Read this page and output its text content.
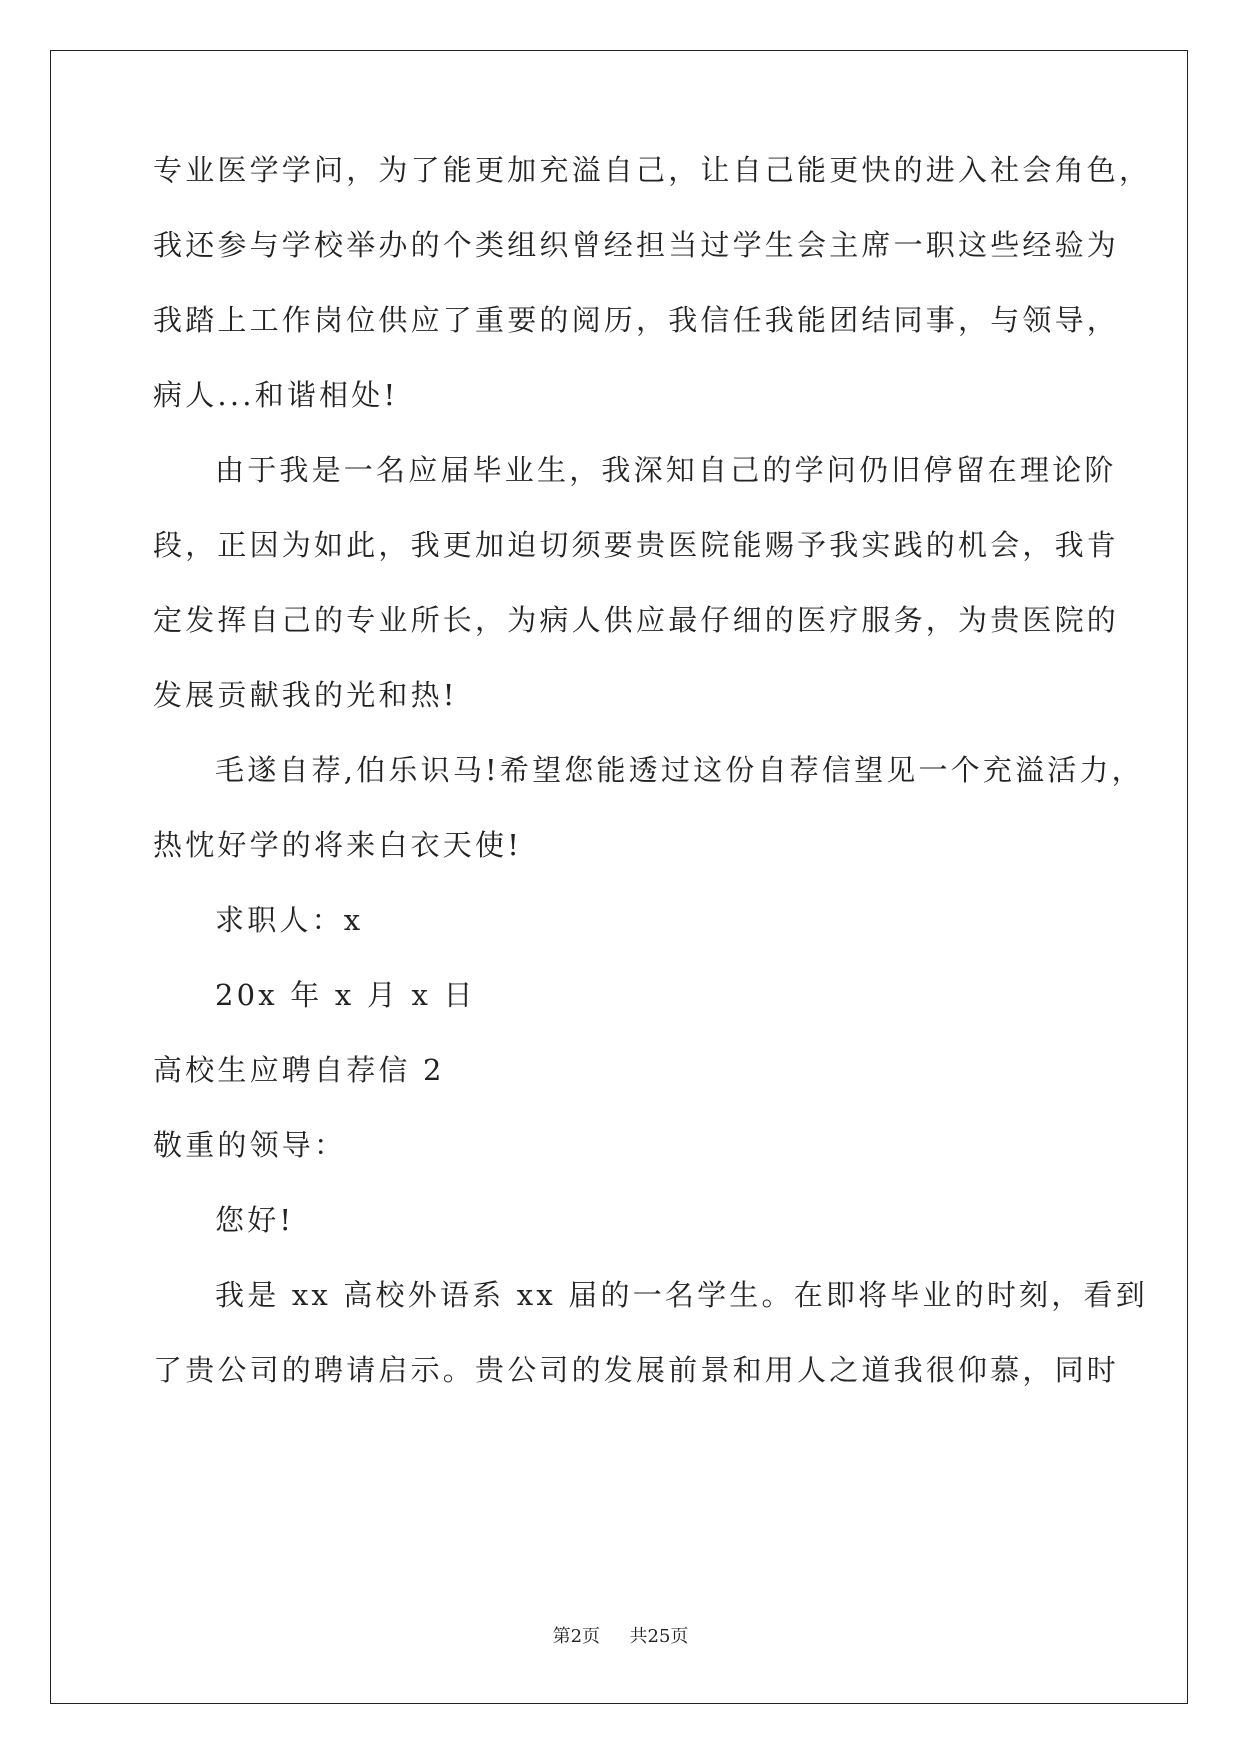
专业医学学问，为了能更加充溢自己，让自己能更快的进入社会角色，
我还参与学校举办的个类组织曾经担当过学生会主席一职这些经验为
我踏上工作岗位供应了重要的阅历，我信任我能团结同事，与领导，
病人...和谐相处!
由于我是一名应届毕业生，我深知自己的学问仍旧停留在理论阶
段，正因为如此，我更加迫切须要贵医院能赐予我实践的机会，我肯
定发挥自己的专业所长，为病人供应最仔细的医疗服务，为贵医院的
发展贡献我的光和热!
毛遂自荐,伯乐识马!希望您能透过这份自荐信望见一个充溢活力，
热忱好学的将来白衣天使!
求职人：x
20x 年 x 月 x 日
高校生应聘自荐信 2
敬重的领导：
您好!
我是 xx 高校外语系 xx 届的一名学生。在即将毕业的时刻，看到
了贵公司的聘请启示。贵公司的发展前景和用人之道我很仰慕，同时
第2页 共25页
